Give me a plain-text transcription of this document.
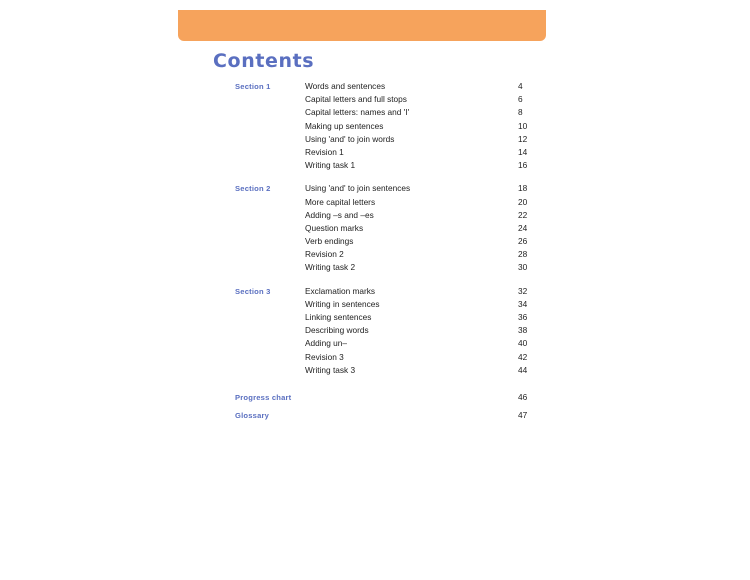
Contents
Section 1	Words and sentences	4
Capital letters and full stops	6
Capital letters: names and 'I'	8
Making up sentences	10
Using 'and' to join words	12
Revision 1	14
Writing task 1	16
Section 2	Using 'and' to join sentences	18
More capital letters	20
Adding –s and –es	22
Question marks	24
Verb endings	26
Revision 2	28
Writing task 2	30
Section 3	Exclamation marks	32
Writing in sentences	34
Linking sentences	36
Describing words	38
Adding un–	40
Revision 3	42
Writing task 3	44
Progress chart	46
Glossary	47
